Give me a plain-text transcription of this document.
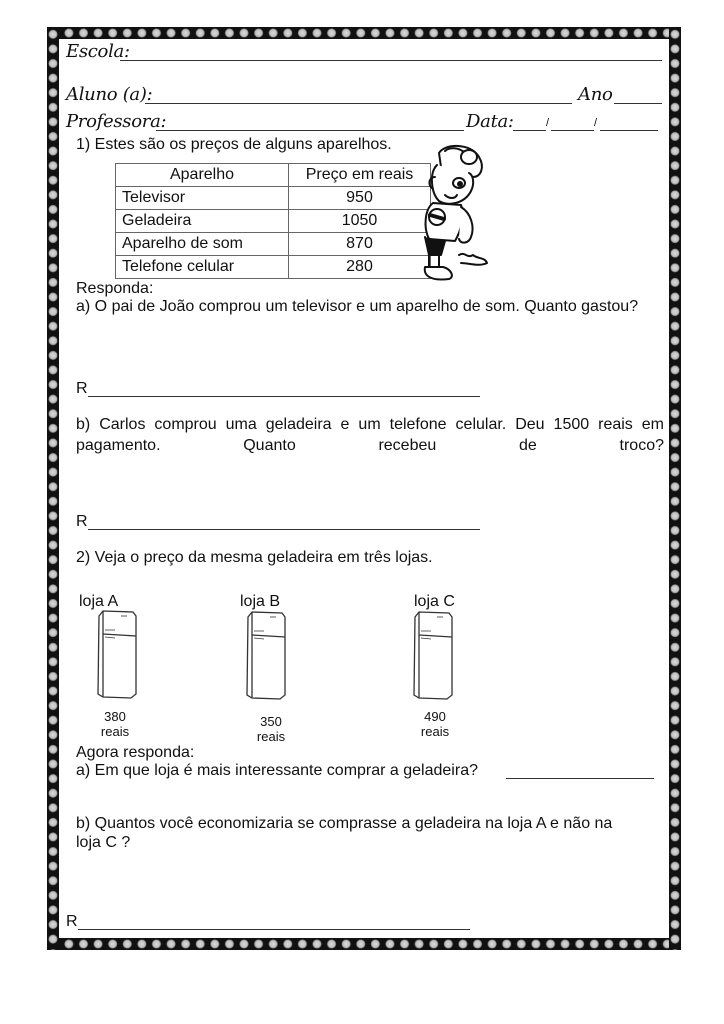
Escola:
Aluno (a):	Ano
Professora:	Data:	/	/
1) Estes são os preços de alguns aparelhos.
Aparelho	Preço em reais
Televisor	950
Geladeira	1050
Aparelho de som	870
Telefone celular	280
Responda:
a) O pai de João comprou um televisor e um aparelho de som. Quanto gastou?
R
b) Carlos comprou uma geladeira e um telefone celular. Deu 1500 reais em pagamento. Quanto recebeu de troco?
R
2) Veja o preço da mesma geladeira em três lojas.
loja A	loja B	loja C
380
reais
350
reais
490
reais
Agora responda:
a) Em que loja é mais interessante comprar a geladeira?
b) Quantos você economizaria se comprasse a geladeira na loja A e não na
loja C ?
R
